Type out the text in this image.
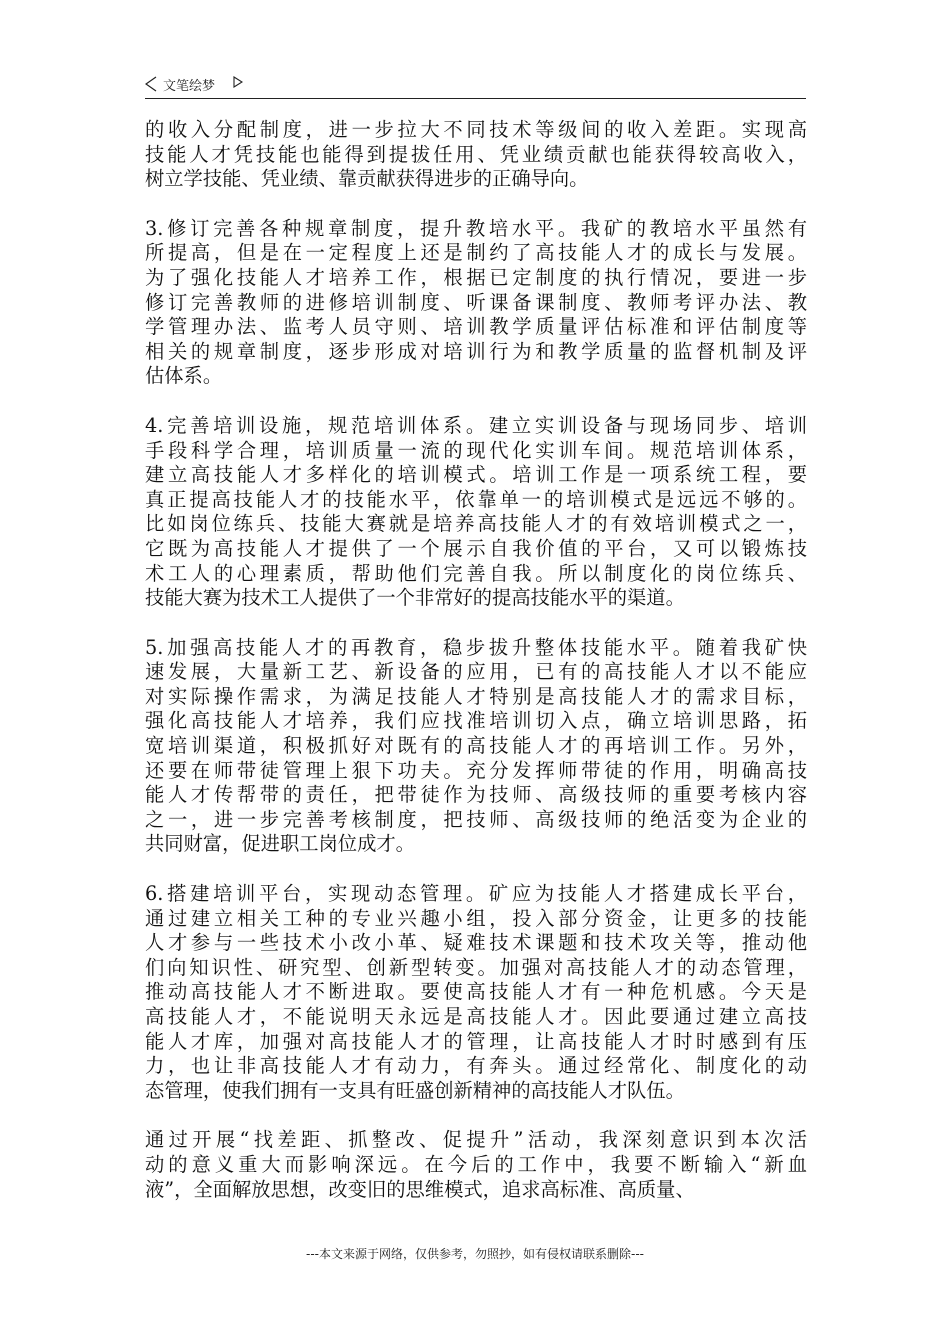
文笔绘梦

的收入分配制度，进一步拉大不同技术等级间的收入差距。实现高
技能人才凭技能也能得到提拔任用、凭业绩贡献也能获得较高收入，
树立学技能、凭业绩、靠贡献获得进步的正确导向。

3.修订完善各种规章制度，提升教培水平。我矿的教培水平虽然有
所提高，但是在一定程度上还是制约了高技能人才的成长与发展。
为了强化技能人才培养工作，根据已定制度的执行情况，要进一步
修订完善教师的进修培训制度、听课备课制度、教师考评办法、教
学管理办法、监考人员守则、培训教学质量评估标准和评估制度等
相关的规章制度，逐步形成对培训行为和教学质量的监督机制及评
估体系。

4.完善培训设施，规范培训体系。建立实训设备与现场同步、培训
手段科学合理，培训质量一流的现代化实训车间。规范培训体系，
建立高技能人才多样化的培训模式。培训工作是一项系统工程，要
真正提高技能人才的技能水平，依靠单一的培训模式是远远不够的。
比如岗位练兵、技能大赛就是培养高技能人才的有效培训模式之一，
它既为高技能人才提供了一个展示自我价值的平台，又可以锻炼技
术工人的心理素质，帮助他们完善自我。所以制度化的岗位练兵、
技能大赛为技术工人提供了一个非常好的提高技能水平的渠道。

5.加强高技能人才的再教育，稳步拔升整体技能水平。随着我矿快
速发展，大量新工艺、新设备的应用，已有的高技能人才以不能应
对实际操作需求，为满足技能人才特别是高技能人才的需求目标，
强化高技能人才培养，我们应找准培训切入点，确立培训思路，拓
宽培训渠道，积极抓好对既有的高技能人才的再培训工作。另外，
还要在师带徒管理上狠下功夫。充分发挥师带徒的作用，明确高技
能人才传帮带的责任，把带徒作为技师、高级技师的重要考核内容
之一，进一步完善考核制度，把技师、高级技师的绝活变为企业的
共同财富，促进职工岗位成才。

6.搭建培训平台，实现动态管理。矿应为技能人才搭建成长平台，
通过建立相关工种的专业兴趣小组，投入部分资金，让更多的技能
人才参与一些技术小改小革、疑难技术课题和技术攻关等，推动他
们向知识性、研究型、创新型转变。加强对高技能人才的动态管理，
推动高技能人才不断进取。要使高技能人才有一种危机感。今天是
高技能人才，不能说明天永远是高技能人才。因此要通过建立高技
能人才库，加强对高技能人才的管理，让高技能人才时时感到有压
力，也让非高技能人才有动力，有奔头。通过经常化、制度化的动
态管理，使我们拥有一支具有旺盛创新精神的高技能人才队伍。

通过开展“找差距、抓整改、促提升”活动，我深刻意识到本次活
动的意义重大而影响深远。在今后的工作中，我要不断输入“新血
液”，全面解放思想，改变旧的思维模式，追求高标准、高质量、

---本文来源于网络，仅供参考，勿照抄，如有侵权请联系删除---
